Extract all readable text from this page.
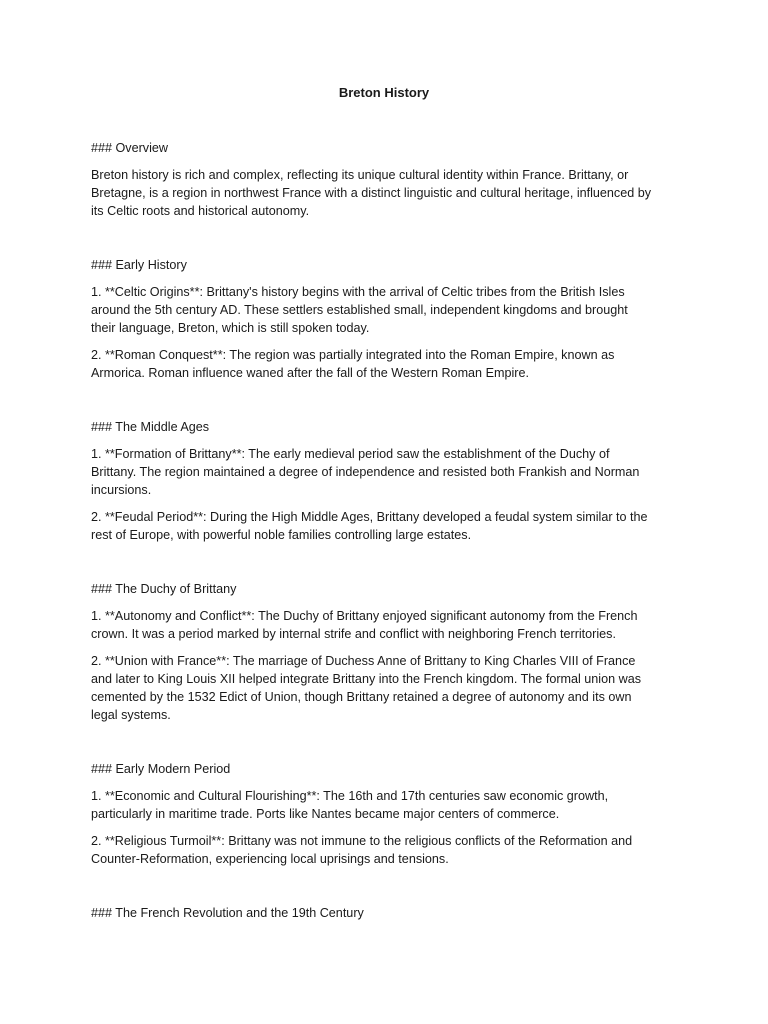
Breton History
### Overview
Breton history is rich and complex, reflecting its unique cultural identity within France. Brittany, or
Bretagne, is a region in northwest France with a distinct linguistic and cultural heritage, influenced by
its Celtic roots and historical autonomy.
### Early History
1. **Celtic Origins**: Brittany's history begins with the arrival of Celtic tribes from the British Isles
around the 5th century AD. These settlers established small, independent kingdoms and brought
their language, Breton, which is still spoken today.
2. **Roman Conquest**: The region was partially integrated into the Roman Empire, known as
Armorica. Roman influence waned after the fall of the Western Roman Empire.
### The Middle Ages
1. **Formation of Brittany**: The early medieval period saw the establishment of the Duchy of
Brittany. The region maintained a degree of independence and resisted both Frankish and Norman
incursions.
2. **Feudal Period**: During the High Middle Ages, Brittany developed a feudal system similar to the
rest of Europe, with powerful noble families controlling large estates.
### The Duchy of Brittany
1. **Autonomy and Conflict**: The Duchy of Brittany enjoyed significant autonomy from the French
crown. It was a period marked by internal strife and conflict with neighboring French territories.
2. **Union with France**: The marriage of Duchess Anne of Brittany to King Charles VIII of France
and later to King Louis XII helped integrate Brittany into the French kingdom. The formal union was
cemented by the 1532 Edict of Union, though Brittany retained a degree of autonomy and its own
legal systems.
### Early Modern Period
1. **Economic and Cultural Flourishing**: The 16th and 17th centuries saw economic growth,
particularly in maritime trade. Ports like Nantes became major centers of commerce.
2. **Religious Turmoil**: Brittany was not immune to the religious conflicts of the Reformation and
Counter-Reformation, experiencing local uprisings and tensions.
### The French Revolution and the 19th Century
